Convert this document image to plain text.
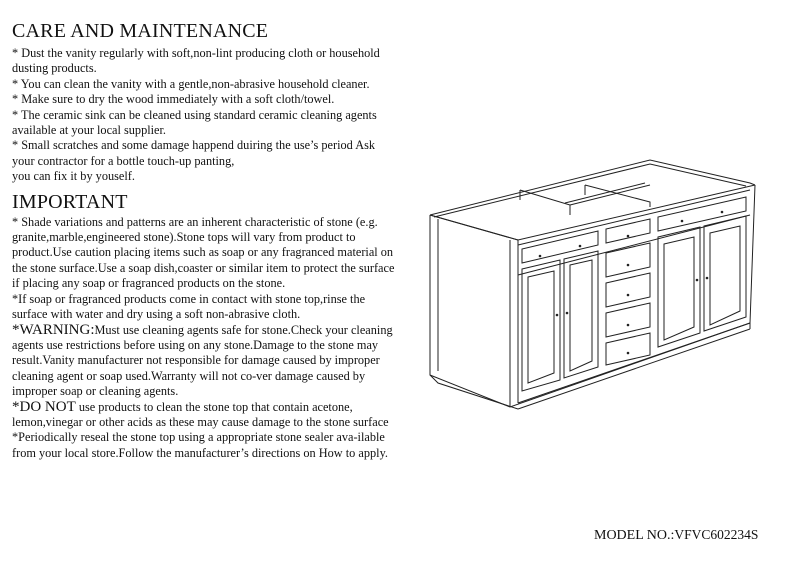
CARE AND MAINTENANCE

* Dust the vanity regularly with soft,non-lint producing cloth or household dusting products.

* You can clean the vanity with a gentle,non-abrasive household cleaner.

* Make sure to dry the wood immediately with a soft cloth/towel.

* The ceramic sink can be cleaned using standard ceramic cleaning agents available at your local supplier.

* Small scratches and some damage happend duiring the use’s period Ask your contractor for a bottle touch-up panting,

you can fix it by youself.

IMPORTANT

* Shade variations and patterns are an inherent characteristic of stone (e.g. granite,marble,engineered stone).Stone tops will vary from product to product.Use caution placing items such as soap or any fragranced material on the stone surface.Use a soap dish,coaster or similar item to protect the surface if placing any soap or fragranced products on the stone.

*If soap or fragranced products come in contact with stone top,rinse the surface with water and dry using a soft non-abrasive cloth.

*WARNING:Must use cleaning agents safe for stone.Check your cleaning agents use restrictions before using on any stone.Damage to the stone may result.Vanity manufacturer not responsible for damage caused by improper cleaning agent or soap used.Warranty will not co-ver damage caused by improper soap or cleaning agents.

*DO NOT use products to clean the stone top that contain acetone, lemon,vinegar or other acids as these may cause damage to the stone surface

*Periodically reseal the stone top using a appropriate stone sealer ava-ilable from your local store.Follow the manufacturer’s directions on How to apply.

MODEL NO.:VFVC602234S
